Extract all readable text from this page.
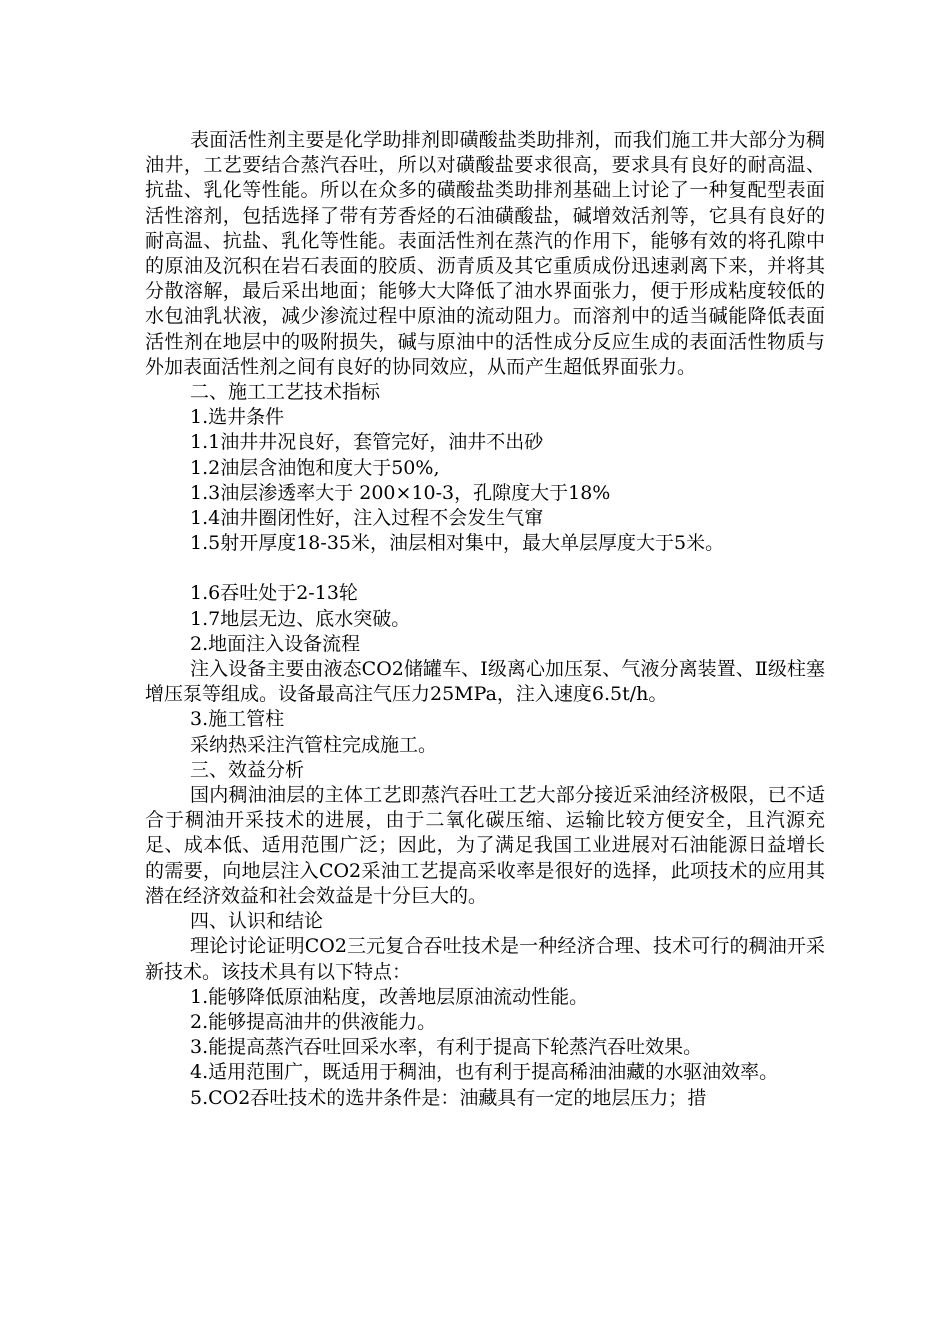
表面活性剂主要是化学助排剂即磺酸盐类助排剂，而我们施工井大部分为稠油井，工艺要结合蒸汽吞吐，所以对磺酸盐要求很高，要求具有良好的耐高温、抗盐、乳化等性能。所以在众多的磺酸盐类助排剂基础上讨论了一种复配型表面活性溶剂，包括选择了带有芳香烃的石油磺酸盐，碱增效活剂等，它具有良好的耐高温、抗盐、乳化等性能。表面活性剂在蒸汽的作用下，能够有效的将孔隙中的原油及沉积在岩石表面的胶质、沥青质及其它重质成份迅速剥离下来，并将其分散溶解，最后采出地面；能够大大降低了油水界面张力，便于形成粘度较低的水包油乳状液，减少渗流过程中原油的流动阻力。而溶剂中的适当碱能降低表面活性剂在地层中的吸附损失，碱与原油中的活性成分反应生成的表面活性物质与外加表面活性剂之间有良好的协同效应，从而产生超低界面张力。

二、施工工艺技术指标

1.选井条件

1.1油井井况良好，套管完好，油井不出砂

1.2油层含油饱和度大于50%,

1.3油层渗透率大于 200×10-3，孔隙度大于18%

1.4油井圈闭性好，注入过程不会发生气窜

1.5射开厚度18-35米，油层相对集中，最大单层厚度大于5米。

1.6吞吐处于2-13轮

1.7地层无边、底水突破。

2.地面注入设备流程

注入设备主要由液态CO2储罐车、Ⅰ级离心加压泵、气液分离装置、Ⅱ级柱塞增压泵等组成。设备最高注气压力25MPa，注入速度6.5t/h。

3.施工管柱

采纳热采注汽管柱完成施工。

三、效益分析

国内稠油油层的主体工艺即蒸汽吞吐工艺大部分接近采油经济极限，已不适合于稠油开采技术的进展，由于二氧化碳压缩、运输比较方便安全，且汽源充足、成本低、适用范围广泛；因此，为了满足我国工业进展对石油能源日益增长的需要，向地层注入CO2采油工艺提高采收率是很好的选择，此项技术的应用其潜在经济效益和社会效益是十分巨大的。

四、认识和结论

理论讨论证明CO2三元复合吞吐技术是一种经济合理、技术可行的稠油开采新技术。该技术具有以下特点：

1.能够降低原油粘度，改善地层原油流动性能。

2.能够提高油井的供液能力。

3.能提高蒸汽吞吐回采水率，有利于提高下轮蒸汽吞吐效果。

4.适用范围广，既适用于稠油，也有利于提高稀油油藏的水驱油效率。

5.CO2吞吐技术的选井条件是：油藏具有一定的地层压力；措
